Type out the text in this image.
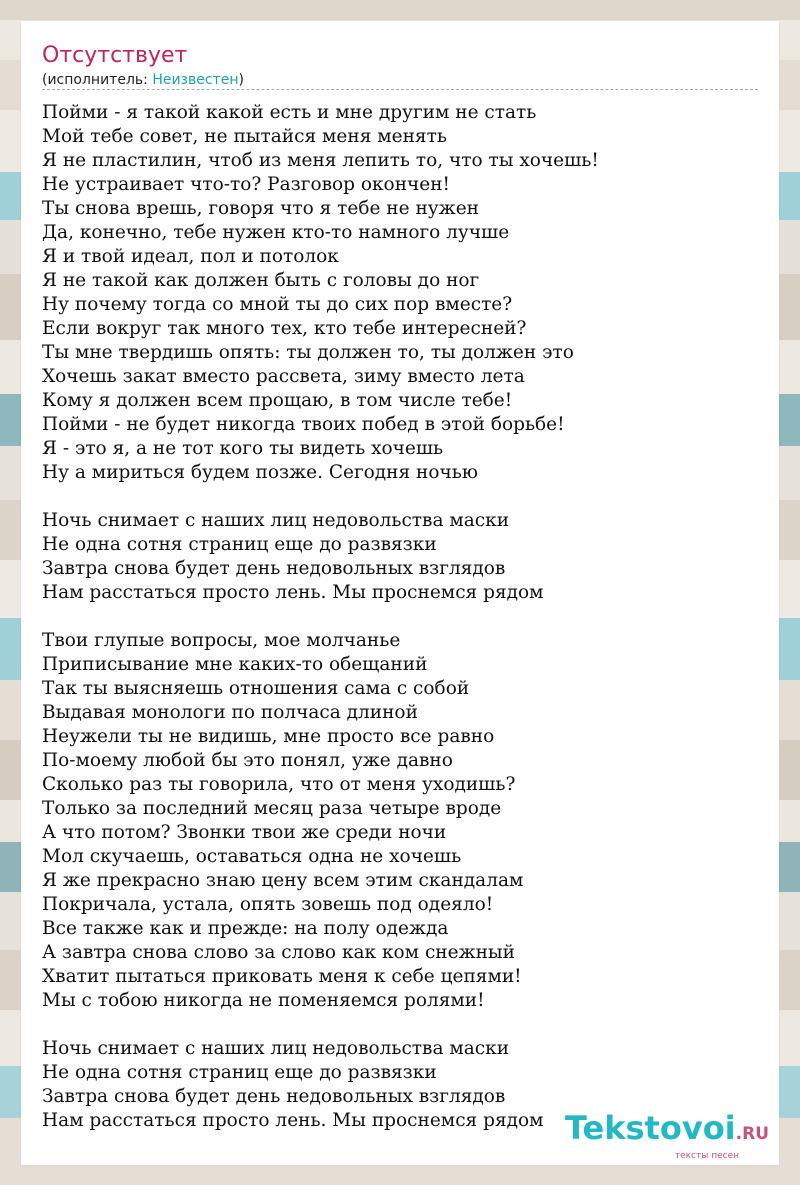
Отсутствует
(исполнитель: Неизвестен)
Пойми - я такой какой есть и мне другим не стать
Мой тебе совет, не пытайся меня менять
Я не пластилин, чтоб из меня лепить то, что ты хочешь!
Не устраивает что-то? Разговор окончен!
Ты снова врешь, говоря что я тебе не нужен
Да, конечно, тебе нужен кто-то намного лучше
Я и твой идеал, пол и потолок
Я не такой как должен быть с головы до ног
Ну почему тогда со мной ты до сих пор вместе?
Если вокруг так много тех, кто тебе интересней?
Ты мне твердишь опять: ты должен то, ты должен это
Хочешь закат вместо рассвета, зиму вместо лета
Кому я должен всем прощаю, в том числе тебе!
Пойми - не будет никогда твоих побед в этой борьбе!
Я - это я, а не тот кого ты видеть хочешь
Ну а мириться будем позже. Сегодня ночью
Ночь снимает с наших лиц недовольства маски
Не одна сотня страниц еще до развязки
Завтра снова будет день недовольных взглядов
Нам расстаться просто лень. Мы проснемся рядом
Твои глупые вопросы, мое молчанье
Приписывание мне каких-то обещаний
Так ты выясняешь отношения сама с собой
Выдавая монологи по полчаса длиной
Неужели ты не видишь, мне просто все равно
По-моему любой бы это понял, уже давно
Сколько раз ты говорила, что от меня уходишь?
Только за последний месяц раза четыре вроде
А что потом? Звонки твои же среди ночи
Мол скучаешь, оставаться одна не хочешь
Я же прекрасно знаю цену всем этим скандалам
Покричала, устала, опять зовешь под одеяло!
Все также как и прежде: на полу одежда
А завтра снова слово за слово как ком снежный
Хватит пытаться приковать меня к себе цепями!
Мы с тобою никогда не поменяемся ролями!
Ночь снимает с наших лиц недовольства маски
Не одна сотня страниц еще до развязки
Завтра снова будет день недовольных взглядов
Нам расстаться просто лень. Мы проснемся рядом Tekstovoi.RU
тексты песен
